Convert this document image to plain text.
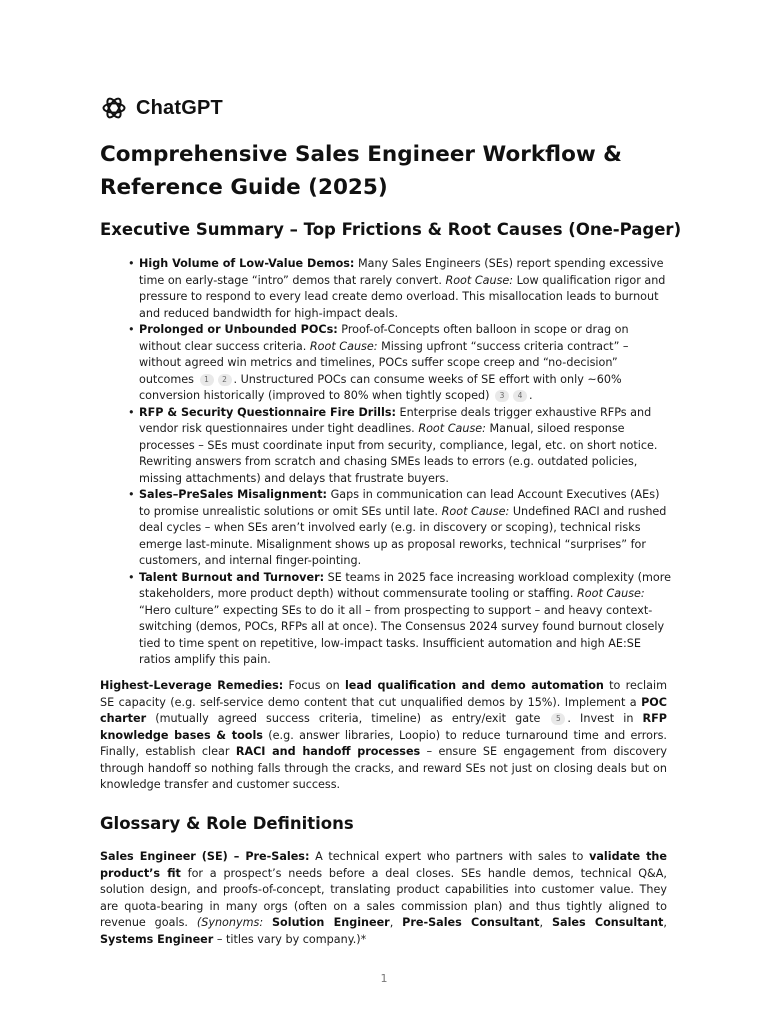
ChatGPT
Comprehensive Sales Engineer Workflow & Reference Guide (2025)
Executive Summary – Top Frictions & Root Causes (One-Pager)
• High Volume of Low-Value Demos: Many Sales Engineers (SEs) report spending excessive time on early-stage “intro” demos that rarely convert. Root Cause: Low qualification rigor and pressure to respond to every lead create demo overload. This misallocation leads to burnout and reduced bandwidth for high-impact deals.
• Prolonged or Unbounded POCs: Proof-of-Concepts often balloon in scope or drag on without clear success criteria. Root Cause: Missing upfront “success criteria contract” – without agreed win metrics and timelines, POCs suffer scope creep and “no-decision” outcomes 1 2 . Unstructured POCs can consume weeks of SE effort with only ~60% conversion historically (improved to 80% when tightly scoped) 3 4 .
• RFP & Security Questionnaire Fire Drills: Enterprise deals trigger exhaustive RFPs and vendor risk questionnaires under tight deadlines. Root Cause: Manual, siloed response processes – SEs must coordinate input from security, compliance, legal, etc. on short notice. Rewriting answers from scratch and chasing SMEs leads to errors (e.g. outdated policies, missing attachments) and delays that frustrate buyers.
• Sales–PreSales Misalignment: Gaps in communication can lead Account Executives (AEs) to promise unrealistic solutions or omit SEs until late. Root Cause: Undefined RACI and rushed deal cycles – when SEs aren’t involved early (e.g. in discovery or scoping), technical risks emerge last-minute. Misalignment shows up as proposal reworks, technical “surprises” for customers, and internal finger-pointing.
• Talent Burnout and Turnover: SE teams in 2025 face increasing workload complexity (more stakeholders, more product depth) without commensurate tooling or staffing. Root Cause: “Hero culture” expecting SEs to do it all – from prospecting to support – and heavy context-switching (demos, POCs, RFPs all at once). The Consensus 2024 survey found burnout closely tied to time spent on repetitive, low-impact tasks. Insufficient automation and high AE:SE ratios amplify this pain.

Highest-Leverage Remedies: Focus on lead qualification and demo automation to reclaim SE capacity (e.g. self-service demo content that cut unqualified demos by 15%). Implement a POC charter (mutually agreed success criteria, timeline) as entry/exit gate 5 . Invest in RFP knowledge bases & tools (e.g. answer libraries, Loopio) to reduce turnaround time and errors. Finally, establish clear RACI and handoff processes – ensure SE engagement from discovery through handoff so nothing falls through the cracks, and reward SEs not just on closing deals but on knowledge transfer and customer success.

Glossary & Role Definitions

Sales Engineer (SE) – Pre-Sales: A technical expert who partners with sales to validate the product’s fit for a prospect’s needs before a deal closes. SEs handle demos, technical Q&A, solution design, and proofs-of-concept, translating product capabilities into customer value. They are quota-bearing in many orgs (often on a sales commission plan) and thus tightly aligned to revenue goals. (Synonyms: Solution Engineer, Pre-Sales Consultant, Sales Consultant, Systems Engineer – titles vary by company.)*

1
